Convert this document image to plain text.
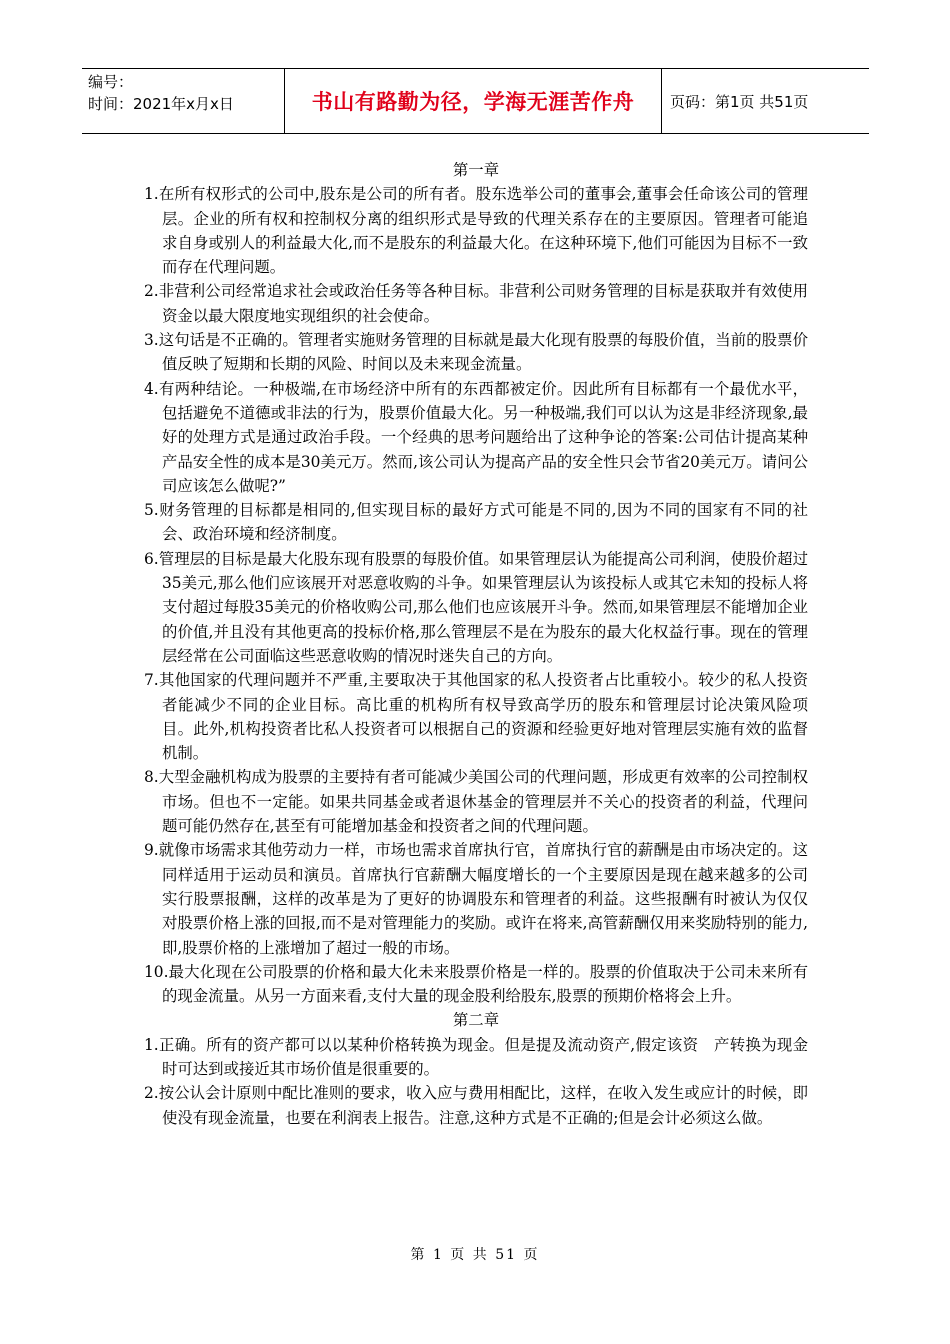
编号：
时间：2021年x月x日	书山有路勤为径，学海无涯苦作舟	页码：第1页 共51页

第一章

1.在所有权形式的公司中,股东是公司的所有者。股东选举公司的董事会,董事会任命该公司的管理层。企业的所有权和控制权分离的组织形式是导致的代理关系存在的主要原因。管理者可能追求自身或别人的利益最大化,而不是股东的利益最大化。在这种环境下,他们可能因为目标不一致而存在代理问题。

2.非营利公司经常追求社会或政治任务等各种目标。非营利公司财务管理的目标是获取并有效使用资金以最大限度地实现组织的社会使命。

3.这句话是不正确的。管理者实施财务管理的目标就是最大化现有股票的每股价值，当前的股票价值反映了短期和长期的风险、时间以及未来现金流量。

4.有两种结论。一种极端,在市场经济中所有的东西都被定价。因此所有目标都有一个最优水平，包括避免不道德或非法的行为，股票价值最大化。另一种极端,我们可以认为这是非经济现象,最好的处理方式是通过政治手段。一个经典的思考问题给出了这种争论的答案:公司估计提高某种产品安全性的成本是30美元万。然而,该公司认为提高产品的安全性只会节省20美元万。请问公司应该怎么做呢?”

5.财务管理的目标都是相同的,但实现目标的最好方式可能是不同的,因为不同的国家有不同的社会、政治环境和经济制度。

6.管理层的目标是最大化股东现有股票的每股价值。如果管理层认为能提高公司利润，使股价超过35美元,那么他们应该展开对恶意收购的斗争。如果管理层认为该投标人或其它未知的投标人将支付超过每股35美元的价格收购公司,那么他们也应该展开斗争。然而,如果管理层不能增加企业的价值,并且没有其他更高的投标价格,那么管理层不是在为股东的最大化权益行事。现在的管理层经常在公司面临这些恶意收购的情况时迷失自己的方向。

7.其他国家的代理问题并不严重,主要取决于其他国家的私人投资者占比重较小。较少的私人投资者能减少不同的企业目标。高比重的机构所有权导致高学历的股东和管理层讨论决策风险项目。此外,机构投资者比私人投资者可以根据自己的资源和经验更好地对管理层实施有效的监督机制。

8.大型金融机构成为股票的主要持有者可能减少美国公司的代理问题，形成更有效率的公司控制权市场。但也不一定能。如果共同基金或者退休基金的管理层并不关心的投资者的利益，代理问题可能仍然存在,甚至有可能增加基金和投资者之间的代理问题。

9.就像市场需求其他劳动力一样，市场也需求首席执行官，首席执行官的薪酬是由市场决定的。这同样适用于运动员和演员。首席执行官薪酬大幅度增长的一个主要原因是现在越来越多的公司实行股票报酬，这样的改革是为了更好的协调股东和管理者的利益。这些报酬有时被认为仅仅对股票价格上涨的回报,而不是对管理能力的奖励。或许在将来,高管薪酬仅用来奖励特别的能力,即,股票价格的上涨增加了超过一般的市场。

10.最大化现在公司股票的价格和最大化未来股票价格是一样的。股票的价值取决于公司未来所有的现金流量。从另一方面来看,支付大量的现金股利给股东,股票的预期价格将会上升。

第二章

1.正确。所有的资产都可以以某种价格转换为现金。但是提及流动资产,假定该资　产转换为现金时可达到或接近其市场价值是很重要的。

2.按公认会计原则中配比准则的要求，收入应与费用相配比，这样，在收入发生或应计的时候，即使没有现金流量，也要在利润表上报告。注意,这种方式是不正确的;但是会计必须这么做。

第 1 页 共 51 页
